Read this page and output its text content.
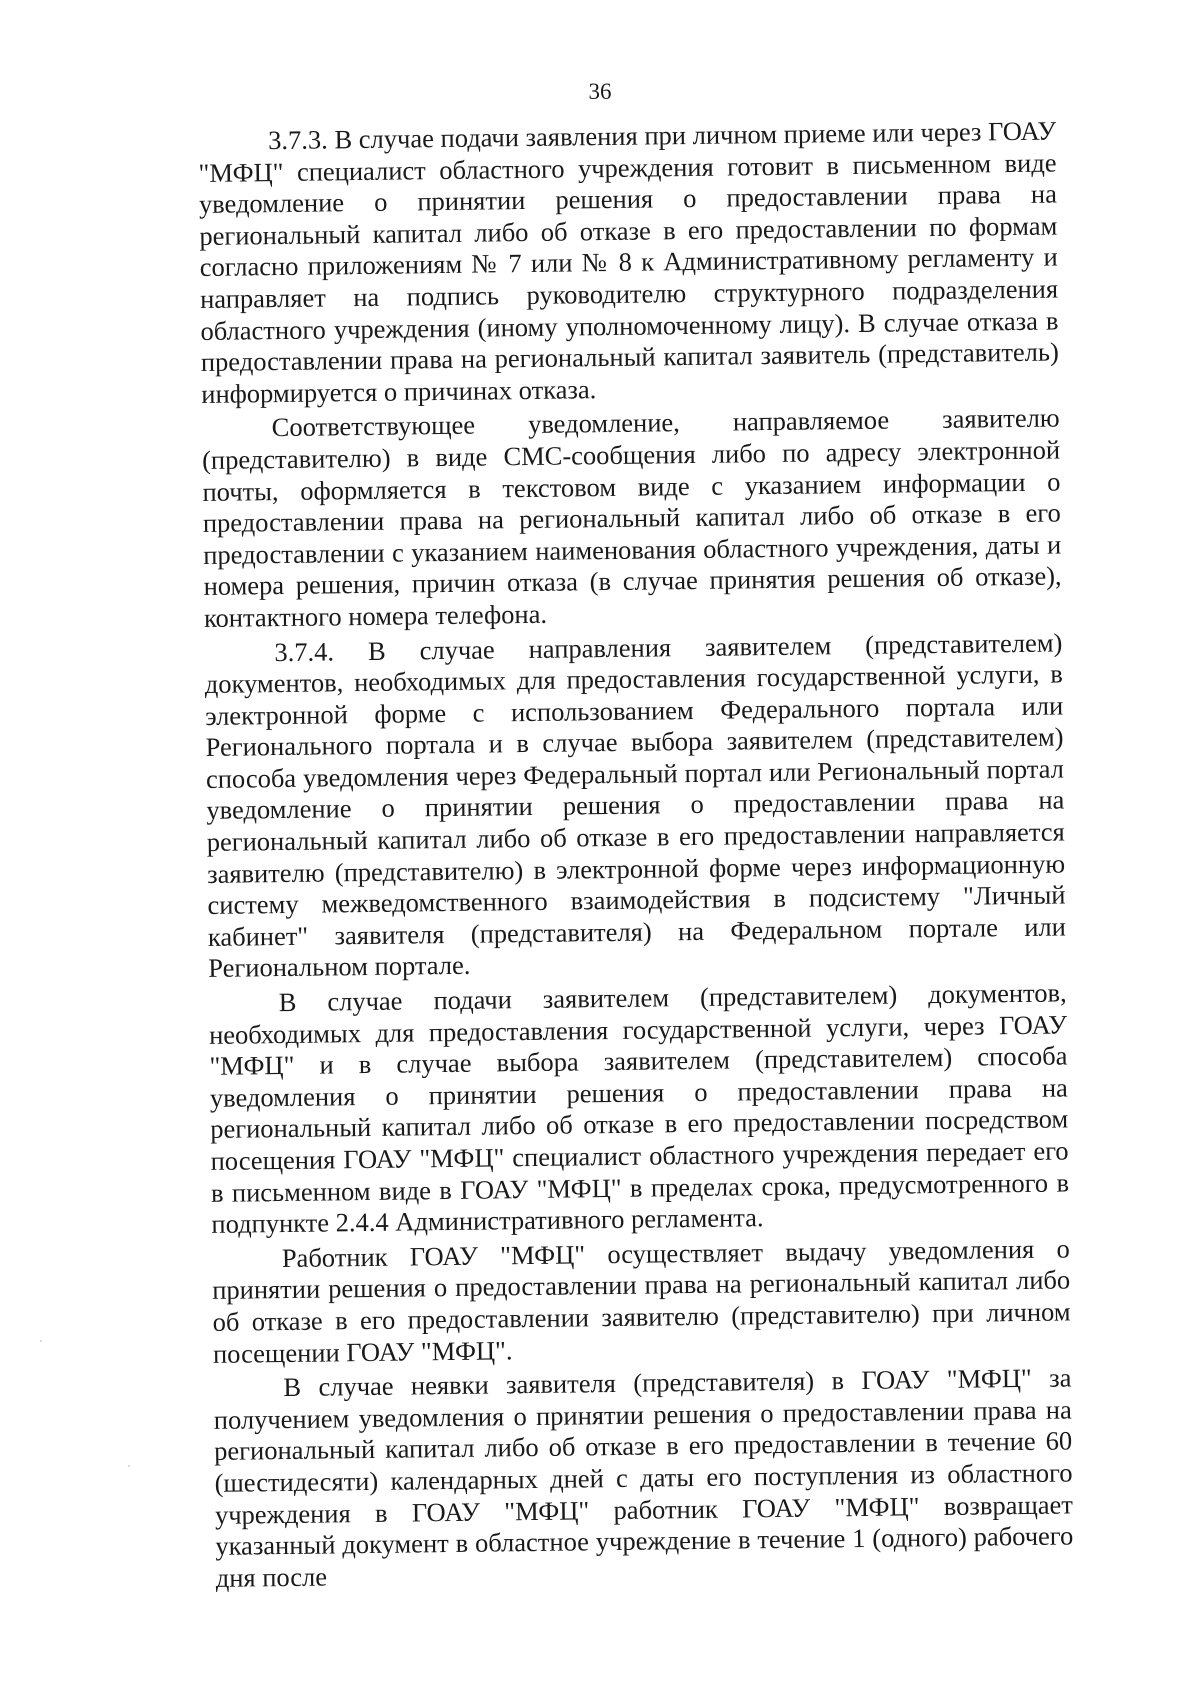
36

3.7.3. В случае подачи заявления при личном приеме или через ГОАУ "МФЦ" специалист областного учреждения готовит в письменном виде уведомление о принятии решения о предоставлении права на региональный капитал либо об отказе в его предоставлении по формам согласно приложениям № 7 или № 8 к Административному регламенту и направляет на подпись руководителю структурного подразделения областного учреждения (иному уполномоченному лицу). В случае отказа в предоставлении права на региональный капитал заявитель (представитель) информируется о причинах отказа.

Соответствующее уведомление, направляемое заявителю (представителю) в виде СМС-сообщения либо по адресу электронной почты, оформляется в текстовом виде с указанием информации о предоставлении права на региональный капитал либо об отказе в его предоставлении с указанием наименования областного учреждения, даты и номера решения, причин отказа (в случае принятия решения об отказе), контактного номера телефона.

3.7.4. В случае направления заявителем (представителем) документов, необходимых для предоставления государственной услуги, в электронной форме с использованием Федерального портала или Регионального портала и в случае выбора заявителем (представителем) способа уведомления через Федеральный портал или Региональный портал уведомление о принятии решения о предоставлении права на региональный капитал либо об отказе в его предоставлении направляется заявителю (представителю) в электронной форме через информационную систему межведомственного взаимодействия в подсистему "Личный кабинет" заявителя (представителя) на Федеральном портале или Региональном портале.

В случае подачи заявителем (представителем) документов, необходимых для предоставления государственной услуги, через ГОАУ "МФЦ" и в случае выбора заявителем (представителем) способа уведомления о принятии решения о предоставлении права на региональный капитал либо об отказе в его предоставлении посредством посещения ГОАУ "МФЦ" специалист областного учреждения передает его в письменном виде в ГОАУ "МФЦ" в пределах срока, предусмотренного в подпункте 2.4.4 Административного регламента.

Работник ГОАУ "МФЦ" осуществляет выдачу уведомления о принятии решения о предоставлении права на региональный капитал либо об отказе в его предоставлении заявителю (представителю) при личном посещении ГОАУ "МФЦ".

В случае неявки заявителя (представителя) в ГОАУ "МФЦ" за получением уведомления о принятии решения о предоставлении права на региональный капитал либо об отказе в его предоставлении в течение 60 (шестидесяти) календарных дней с даты его поступления из областного учреждения в ГОАУ "МФЦ" работник ГОАУ "МФЦ" возвращает указанный документ в областное учреждение в течение 1 (одного) рабочего дня после
